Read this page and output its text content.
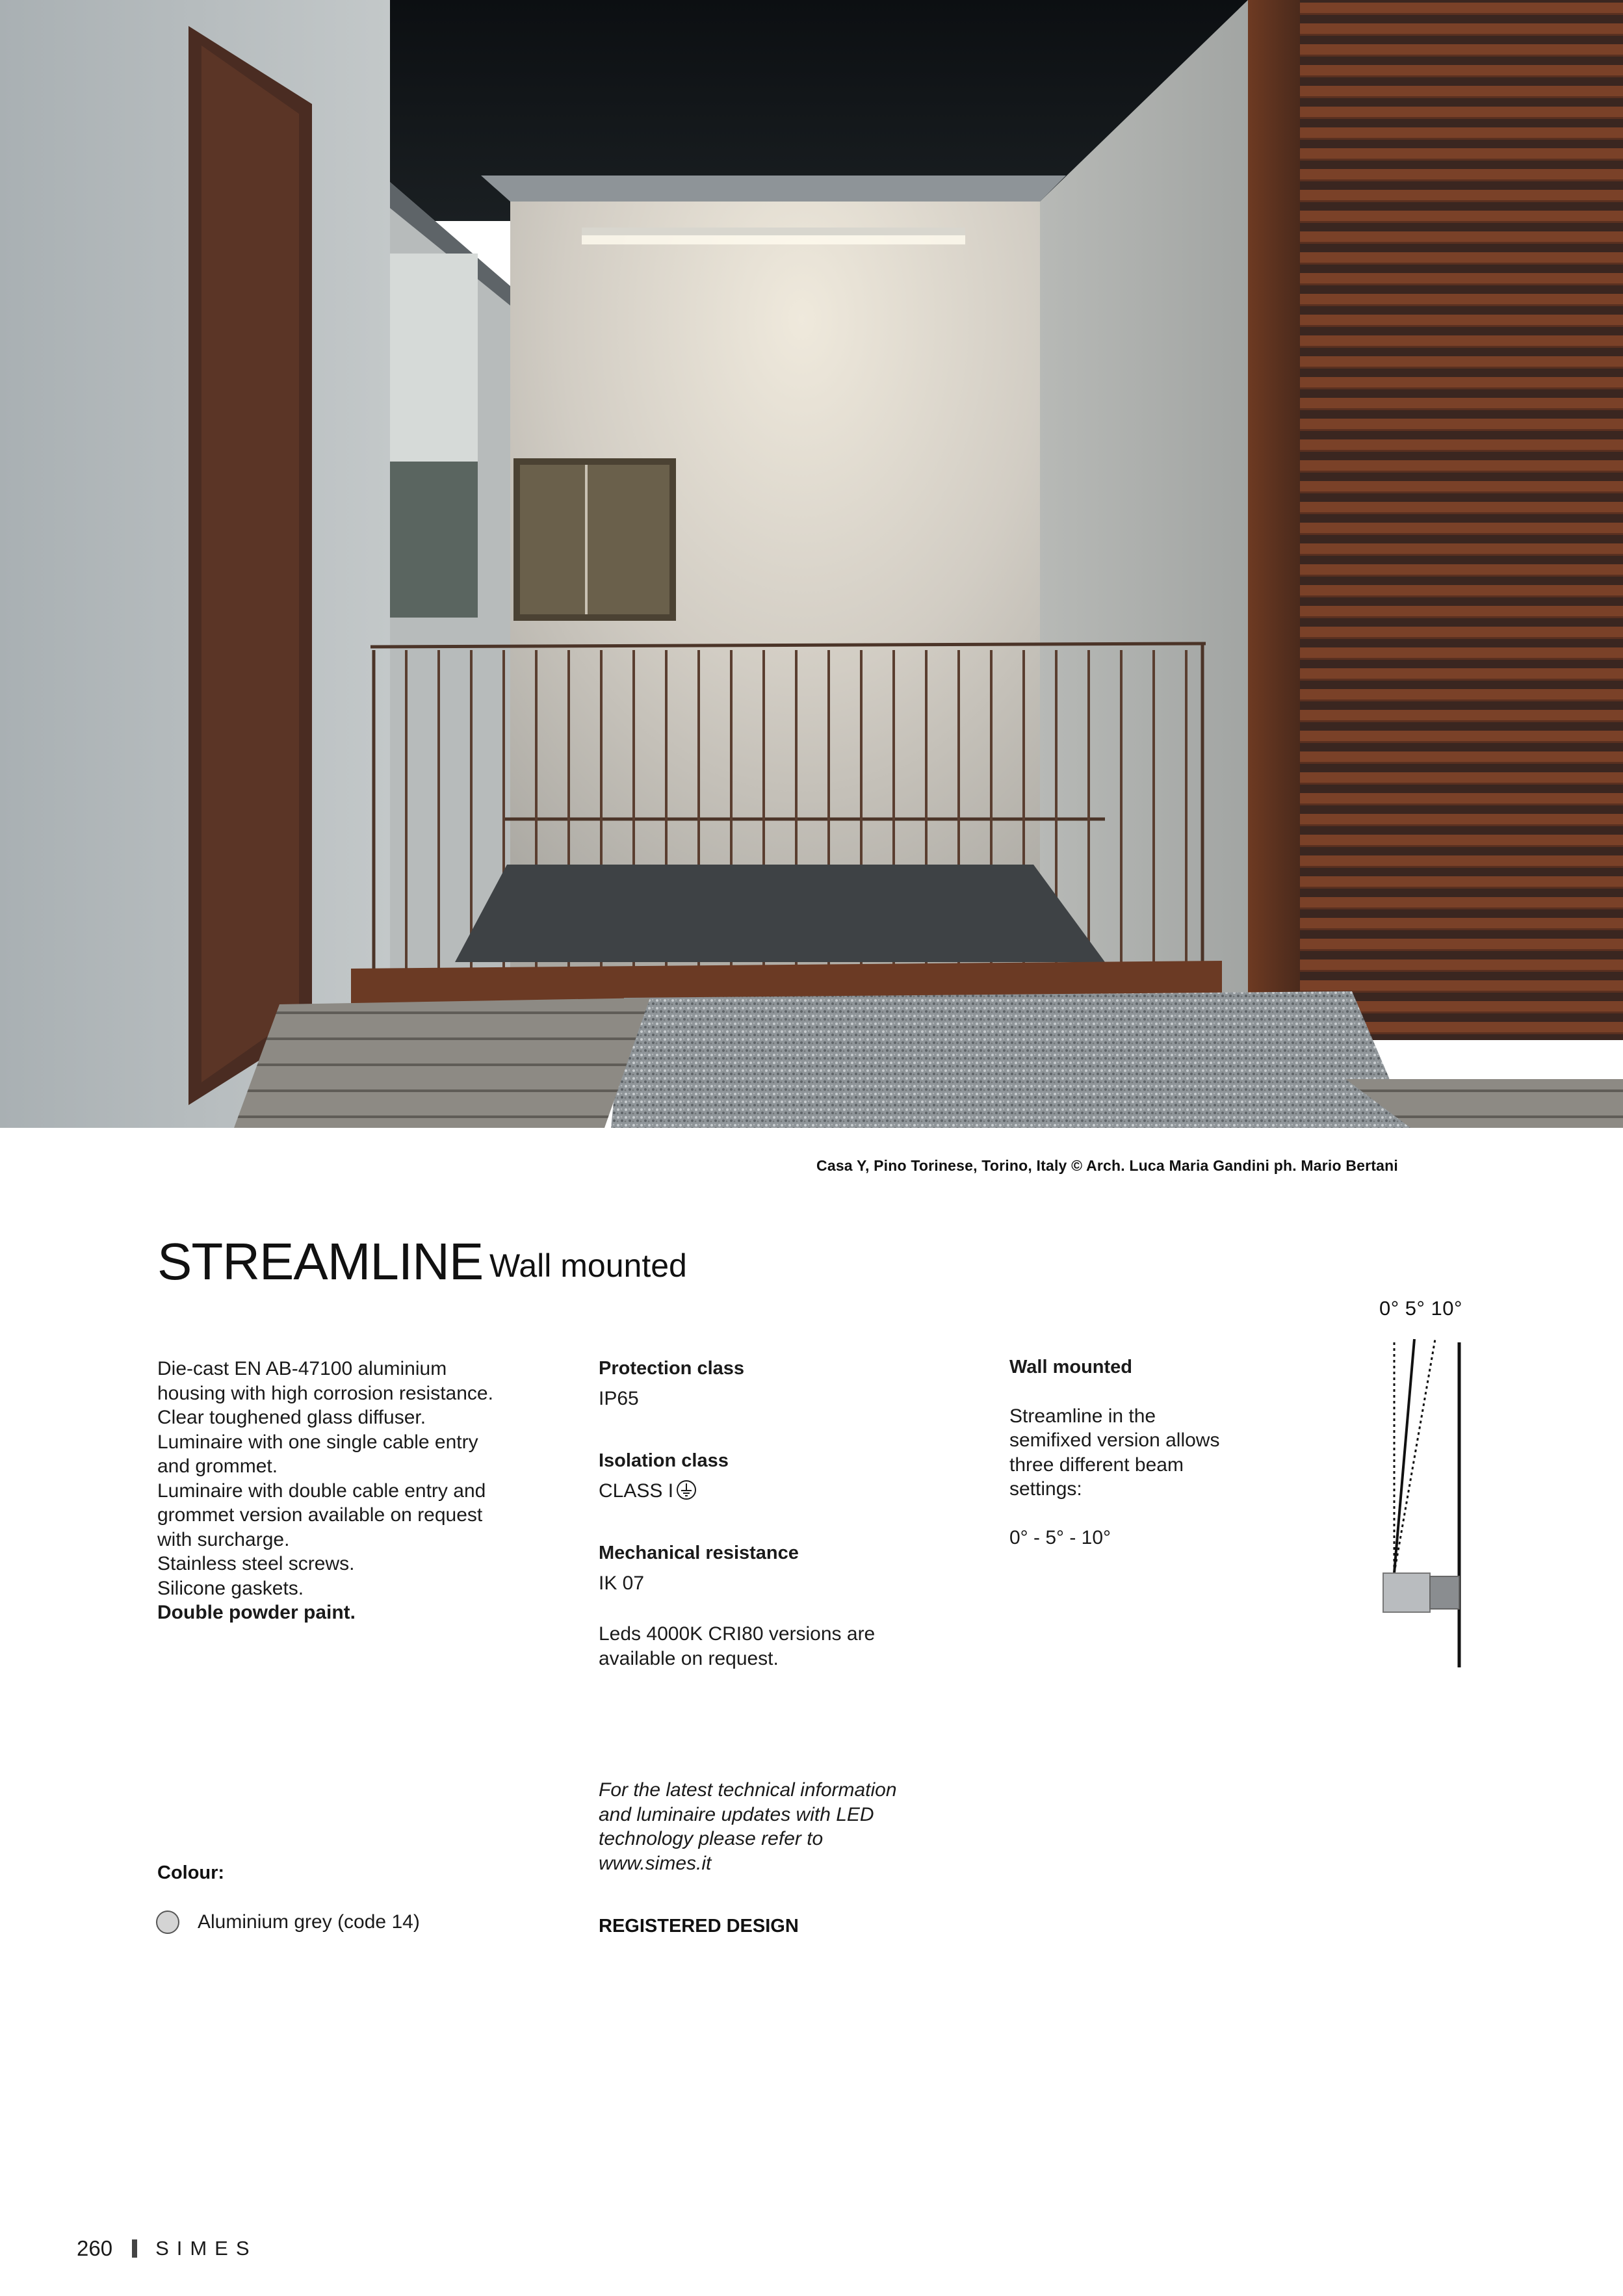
Casa Y, Pino Torinese, Torino, Italy © Arch. Luca Maria Gandini ph. Mario Bertani
STREAMLINE Wall mounted
Die-cast EN AB-47100 aluminium
housing with high corrosion resistance.
Clear toughened glass diffuser.
Luminaire with one single cable entry
and grommet.
Luminaire with double cable entry and
grommet version available on request
with surcharge.
Stainless steel screws.
Silicone gaskets.
Double powder paint.
Protection class
IP65
Isolation class
CLASS I
Mechanical resistance
IK 07
Leds 4000K CRI80 versions are
available on request.
Wall mounted
Streamline in the
semifixed version allows
three different beam
settings:
0° - 5° - 10°
0° 5° 10°
For the latest technical information
and luminaire updates with LED
technology please refer to
www.simes.it
REGISTERED DESIGN
Colour:
Aluminium grey (code 14)
260 SIMES
